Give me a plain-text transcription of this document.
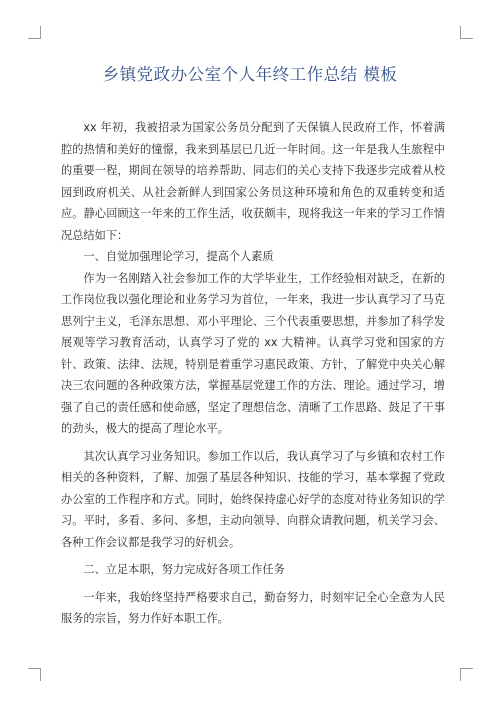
乡镇党政办公室个人年终工作总结 模板

xx 年初，我被招录为国家公务员分配到了天保镇人民政府工作，怀着满腔的热情和美好的憧憬，我来到基层已几近一年时间。这一年是我人生旅程中的重要一程，期间在领导的培养帮助、同志们的关心支持下我逐步完成着从校园到政府机关、从社会新鲜人到国家公务员这种环境和角色的双重转变和适应。静心回顾这一年来的工作生活，收获颇丰，现将我这一年来的学习工作情况总结如下：

一、自觉加强理论学习，提高个人素质

作为一名刚踏入社会参加工作的大学毕业生，工作经验相对缺乏，在新的工作岗位我以强化理论和业务学习为首位，一年来，我进一步认真学习了马克思列宁主义，毛泽东思想、邓小平理论、三个代表重要思想，并参加了科学发展观等学习教育活动，认真学习了党的 xx 大精神。认真学习党和国家的方针、政策、法律、法规，特别是着重学习惠民政策、方针，了解党中央关心解决三农问题的各种政策方法，掌握基层党建工作的方法、理论。通过学习，增强了自己的责任感和使命感，坚定了理想信念、清晰了工作思路、鼓足了干事的劲头，极大的提高了理论水平。

其次认真学习业务知识。参加工作以后，我认真学习了与乡镇和农村工作相关的各种资料，了解、加强了基层各种知识、技能的学习，基本掌握了党政办公室的工作程序和方式。同时，始终保持虚心好学的态度对待业务知识的学习。平时，多看、多问、多想，主动向领导、向群众请教问题，机关学习会、各种工作会议都是我学习的好机会。

二、立足本职，努力完成好各项工作任务

一年来，我始终坚持严格要求自己，勤奋努力，时刻牢记全心全意为人民服务的宗旨，努力作好本职工作。
